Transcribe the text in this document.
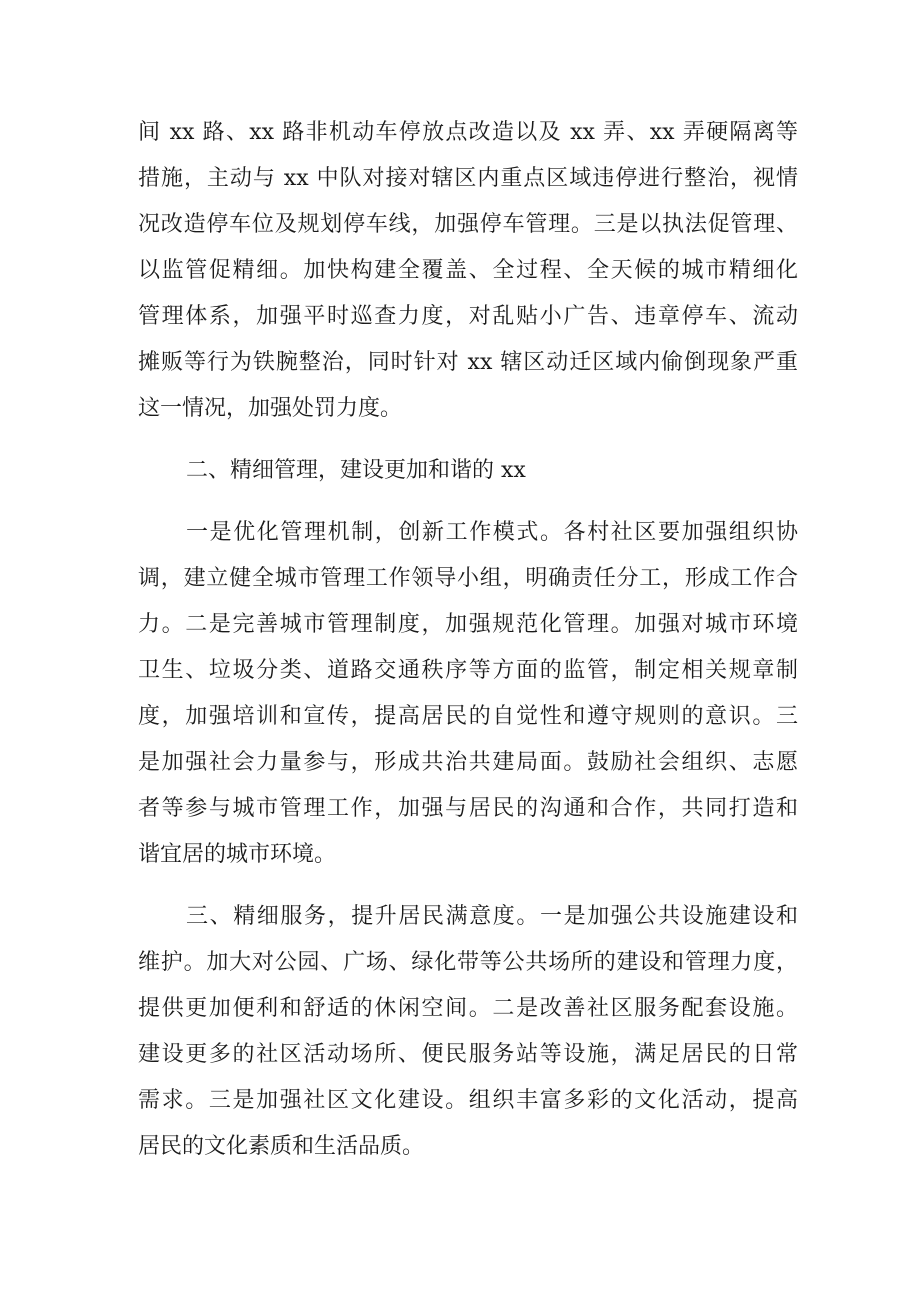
间 xx 路、xx 路非机动车停放点改造以及 xx 弄、xx 弄硬隔离等
措施，主动与 xx 中队对接对辖区内重点区域违停进行整治，视情
况改造停车位及规划停车线，加强停车管理。三是以执法促管理、
以监管促精细。加快构建全覆盖、全过程、全天候的城市精细化
管理体系，加强平时巡查力度，对乱贴小广告、违章停车、流动
摊贩等行为铁腕整治，同时针对 xx 辖区动迁区域内偷倒现象严重
这一情况，加强处罚力度。
二、精细管理，建设更加和谐的 xx
一是优化管理机制，创新工作模式。各村社区要加强组织协
调，建立健全城市管理工作领导小组，明确责任分工，形成工作合
力。二是完善城市管理制度，加强规范化管理。加强对城市环境
卫生、垃圾分类、道路交通秩序等方面的监管，制定相关规章制
度，加强培训和宣传，提高居民的自觉性和遵守规则的意识。三
是加强社会力量参与，形成共治共建局面。鼓励社会组织、志愿
者等参与城市管理工作，加强与居民的沟通和合作，共同打造和
谐宜居的城市环境。
三、精细服务，提升居民满意度。一是加强公共设施建设和
维护。加大对公园、广场、绿化带等公共场所的建设和管理力度，
提供更加便利和舒适的休闲空间。二是改善社区服务配套设施。
建设更多的社区活动场所、便民服务站等设施，满足居民的日常
需求。三是加强社区文化建设。组织丰富多彩的文化活动，提高
居民的文化素质和生活品质。
